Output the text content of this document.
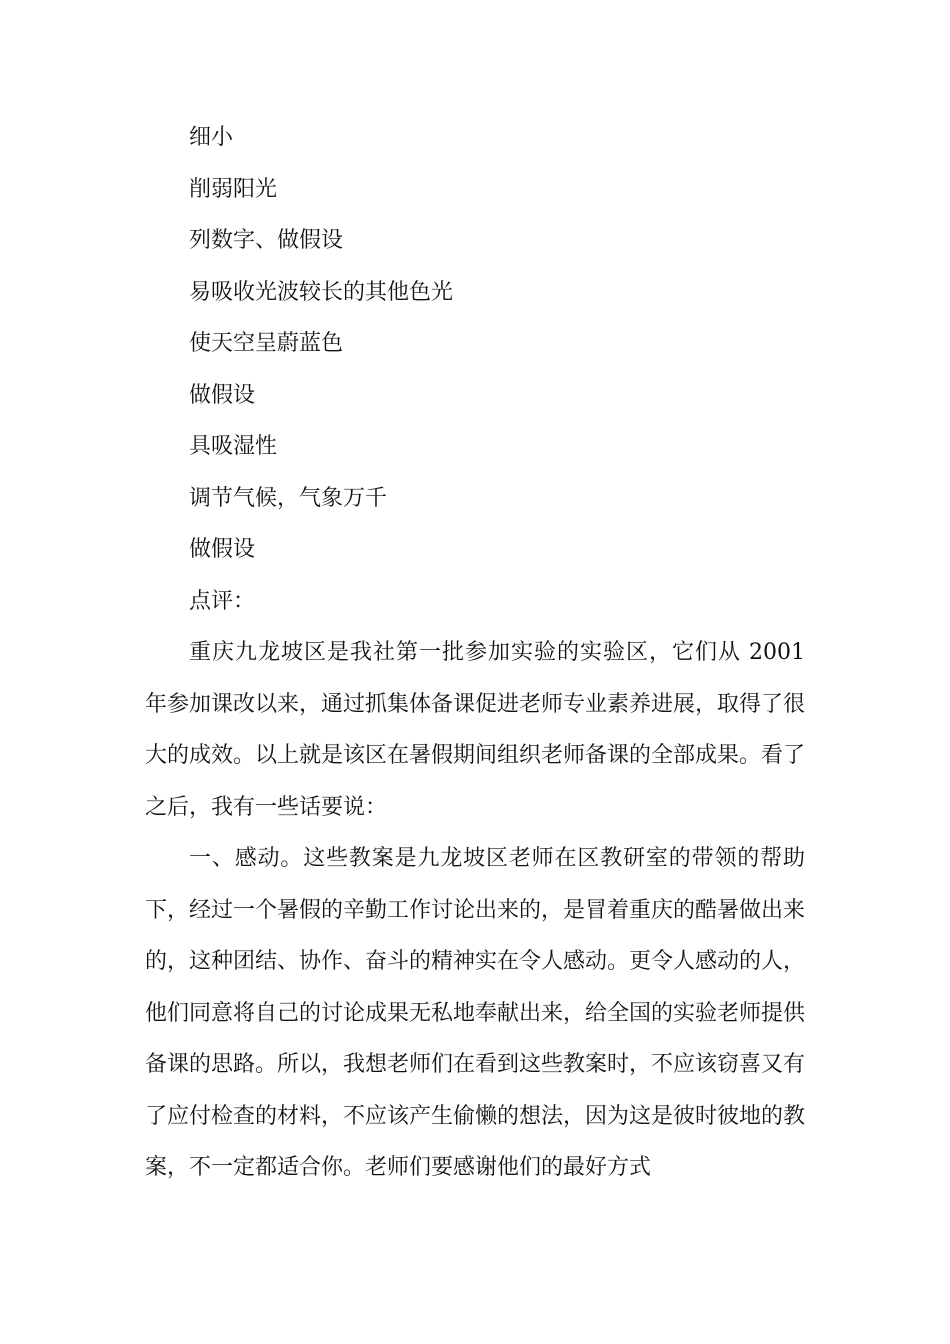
细小

削弱阳光

列数字、做假设

易吸收光波较长的其他色光

使天空呈蔚蓝色

做假设

具吸湿性

调节气候，气象万千

做假设

点评：

重庆九龙坡区是我社第一批参加实验的实验区，它们从 2001 年参加课改以来，通过抓集体备课促进老师专业素养进展，取得了很大的成效。以上就是该区在暑假期间组织老师备课的全部成果。看了之后，我有一些话要说：

一、感动。这些教案是九龙坡区老师在区教研室的带领的帮助下，经过一个暑假的辛勤工作讨论出来的，是冒着重庆的酷暑做出来的，这种团结、协作、奋斗的精神实在令人感动。更令人感动的人，他们同意将自己的讨论成果无私地奉献出来，给全国的实验老师提供备课的思路。所以，我想老师们在看到这些教案时，不应该窃喜又有了应付检查的材料，不应该产生偷懒的想法，因为这是彼时彼地的教案，不一定都适合你。老师们要感谢他们的最好方式
